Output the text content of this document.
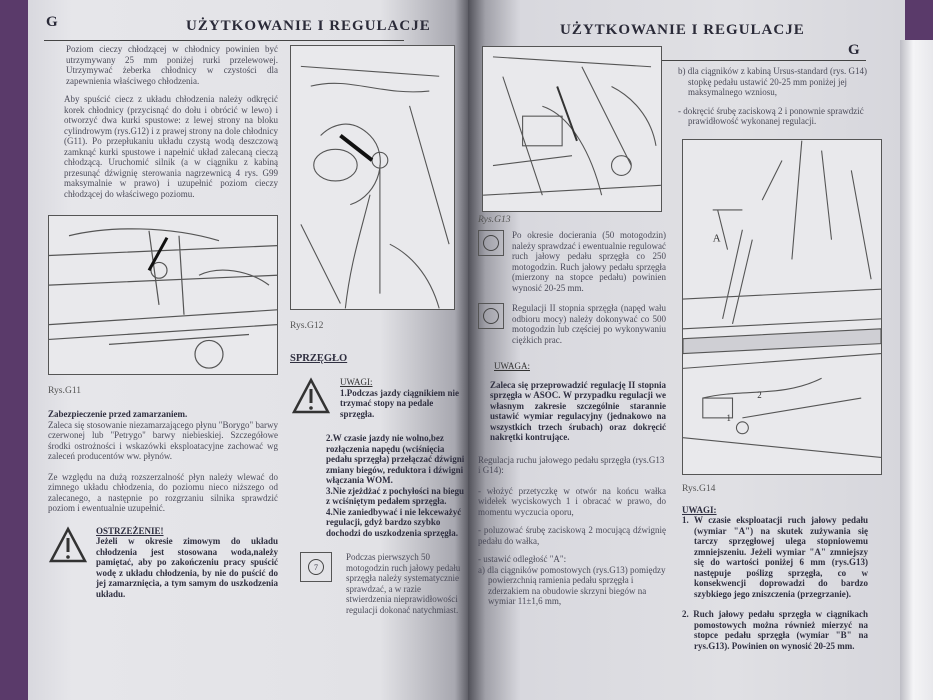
G	UŻYTKOWANIE I REGULACJE
Poziom cieczy chłodzącej w chłodnicy powinien być utrzymywany 25 mm poniżej rurki przelewowej. Utrzymywać żeberka chłodnicy w czystości dla zapewnienia właściwego chłodzenia.
Aby spuścić ciecz z układu chłodzenia należy odkręcić korek chłodnicy (przycisnąć do dołu i obrócić w lewo) i otworzyć dwa kurki spustowe: z lewej strony na bloku cylindrowym (rys.G12) i z prawej strony na dole chłodnicy (G11). Po przepłukaniu układu czystą wodą deszczową zamknąć kurki spustowe i napełnić układ zalecaną cieczą chłodzącą. Uruchomić silnik (a w ciągniku z kabiną przesunąć dźwignię sterowania nagrzewnicą 4 rys. G99 maksymalnie w prawo) i uzupełnić poziom cieczy chłodzącej do właściwego poziomu.
Rys.G11
Zabezpieczenie przed zamarzaniem.
Zaleca się stosowanie niezamarzającego płynu "Borygo" barwy czerwonej lub "Petrygo" barwy niebieskiej. Szczegółowe środki ostrożności i wskazówki eksploatacyjne zachować wg zaleceń producentów ww. płynów.
Ze względu na dużą rozszerzalność płyn należy wlewać do zimnego układu chłodzenia, do poziomu nieco niższego od zalecanego, a następnie po rozgrzaniu silnika sprawdzić poziom i ewentualnie uzupełnić.
OSTRZEŻENIE!
Jeżeli w okresie zimowym do układu chłodzenia jest stosowana woda,należy pamiętać, aby po zakończeniu pracy spuścić wodę z układu chłodzenia, by nie do puścić do jej zamarznięcia, a tym samym do uszkodzenia układu.
Rys.G12
SPRZĘGŁO
UWAGI:
1.Podczas jazdy ciągnikiem nie trzymać stopy na pedale sprzęgła.
2.W czasie jazdy nie wolno,bez rozłączenia napędu (wciśnięcia pedału sprzęgła) przełączać dźwigni zmiany biegów, reduktora i dźwigni włączania WOM.
3.Nie zjeżdżać z pochyłości na biegu z wciśniętym pedałem sprzęgła.
4.Nie zaniedbywać i nie lekceważyć regulacji, gdyż bardzo szybko dochodzi do uszkodzenia sprzęgła.
7
Podczas pierwszych 50 motogodzin ruch jałowy pedału sprzęgła należy systematycznie sprawdzać, a w razie stwierdzenia nieprawidłowości regulacji dokonać natychmiast.
UŻYTKOWANIE I REGULACJE
G
Rys.G13
Po okresie docierania (50 motogodzin) należy sprawdzać i ewentualnie regulować ruch jałowy pedału sprzęgła co 250 motogodzin. Ruch jałowy pedału sprzęgła (mierzony na stopce pedału) powinien wynosić 20-25 mm.
Regulacji II stopnia sprzęgła (napęd wału odbioru mocy) należy dokonywać co 500 motogodzin lub częściej po wykonywaniu ciężkich prac.
UWAGA:
Zaleca się przeprowadzić regulację II stopnia sprzęgła w ASOC. W przypadku regulacji we własnym zakresie szczególnie starannie ustawić wymiar regulacyjny (jednakowo na wszystkich trzech śrubach) oraz dokręcić nakrętki kontrujące.
Regulacja ruchu jałowego pedału sprzęgła (rys.G13 i G14):
- włożyć przetyczkę w otwór na końcu wałka widełek wyciskowych 1 i obracać w prawo, do momentu wyczucia oporu,
- poluzować śrubę zaciskową 2 mocującą dźwignię pedału do wałka,
- ustawić odległość "A":
a) dla ciągników pomostowych (rys.G13) pomiędzy powierzchnią ramienia pedału sprzęgła i zderzakiem na obudowie skrzyni biegów na wymiar 11±1,6 mm,
b) dla ciągników z kabiną Ursus-standard (rys. G14) stopkę pedału ustawić 20-25 mm poniżej jej maksymalnego wzniosu,
- dokręcić śrubę zaciskową 2 i ponownie sprawdzić prawidłowość wykonanej regulacji.
A
1
2
Rys.G14
UWAGI:
1. W czasie eksploatacji ruch jałowy pedału (wymiar "A") na skutek zużywania się tarczy sprzęgłowej ulega stopniowemu zmniejszeniu. Jeżeli wymiar "A" zmniejszy się do wartości poniżej 6 mm (rys.G13) następuje poślizg sprzęgła, co w konsekwencji doprowadzi do bardzo szybkiego jego zniszczenia (przegrzanie).
2. Ruch jałowy pedału sprzęgła w ciągnikach pomostowych można również mierzyć na stopce pedału sprzęgła (wymiar "B" na rys.G13). Powinien on wynosić 20-25 mm.
